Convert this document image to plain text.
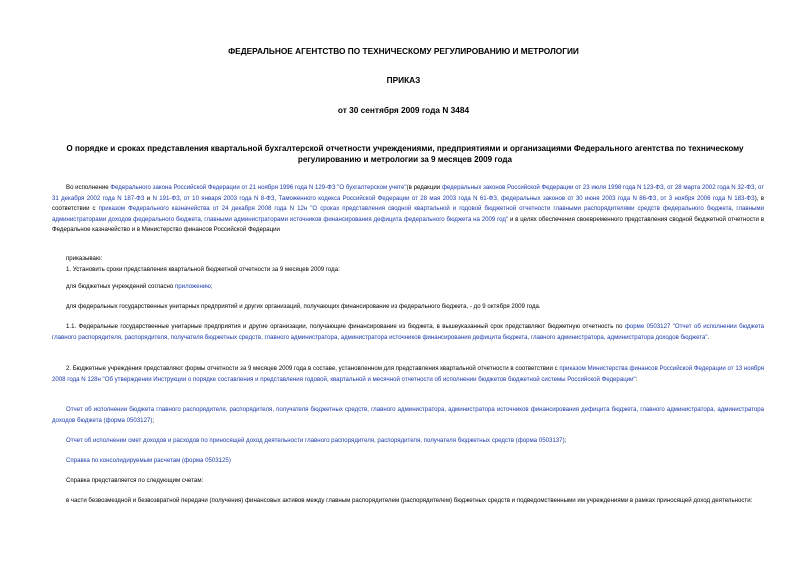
ФЕДЕРАЛЬНОЕ АГЕНТСТВО ПО ТЕХНИЧЕСКОМУ РЕГУЛИРОВАНИЮ И МЕТРОЛОГИИ
ПРИКАЗ
от 30 сентября 2009 года N 3484
О порядке и сроках представления квартальной бухгалтерской отчетности учреждениями, предприятиями и организациями Федерального агентства по техническому регулированию и метрологии за 9 месяцев 2009 года

Во исполнение Федерального закона Российской Федерации от 21 ноября 1996 года N 129-ФЗ "О бухгалтерском учете"(в редакции федеральных законов Российской Федерации от 23 июля 1998 года N 123-ФЗ, от 28 марта 2002 года N 32-ФЗ, от 31 декабря 2002 года N 187-ФЗ и N 191-ФЗ, от 10 января 2003 года N 8-ФЗ, Таможенного кодекса Российской Федерации от 28 мая 2003 года N 61-ФЗ, федеральных законов от 30 июня 2003 года N 86-ФЗ, от 3 ноября 2006 года N 183-ФЗ), в соответствии с приказом Федерального казначейства от 24 декабря 2008 года N 12н "О сроках представления сводной квартальной и годовой бюджетной отчетности главными распорядителями средств федерального бюджета, главными администраторами доходов федерального бюджета, главными администраторами источников финансирования дефицита федерального бюджета на 2009 год" и в целях обеспечения своевременного представления сводной бюджетной отчетности в Федеральное казначейство и в Министерство финансов Российской Федерации

приказываю:

1. Установить сроки представления квартальной бюджетной отчетности за 9 месяцев 2009 года:

для бюджетных учреждений согласно приложению;

для федеральных государственных унитарных предприятий и других организаций, получающих финансирование из федерального бюджета, - до 9 октября 2009 года.

1.1. Федеральные государственные унитарные предприятия и другие организации, получающие финансирование из бюджета, в вышеуказанный срок представляют бюджетную отчетность по форме 0503127 "Отчет об исполнении бюджета главного распорядителя, распорядителя, получателя бюджетных средств, главного администратора, администратора источников финансирования дефицита бюджета, главного администратора, администратора доходов бюджета".

2. Бюджетные учреждения представляют формы отчетности за 9 месяцев 2009 года в составе, установленном для представления квартальной отчетности в соответствии с приказом Министерства финансов Российской Федерации от 13 ноября 2008 года N 128н "Об утверждении Инструкции о порядке составления и представления годовой, квартальной и месячной отчетности об исполнении бюджетов бюджетной системы Российской Федерации":

Отчет об исполнении бюджета главного распорядителя, распорядителя, получателя бюджетных средств, главного администратора, администратора источников финансирования дефицита бюджета, главного администратора, администратора доходов бюджета (форма 0503127);

Отчет об исполнении смет доходов и расходов по приносящей доход деятельности главного распорядителя, распорядителя, получателя бюджетных средств (форма 0503137);

Справка по консолидируемым расчетам (форма 0503125)

Справка представляется по следующим счетам:

в части безвозмездной и безвозвратной передачи (получения) финансовых активов между главным распорядителем (распорядителем) бюджетных средств и подведомственными им учреждениями в рамках приносящей доход деятельности:
